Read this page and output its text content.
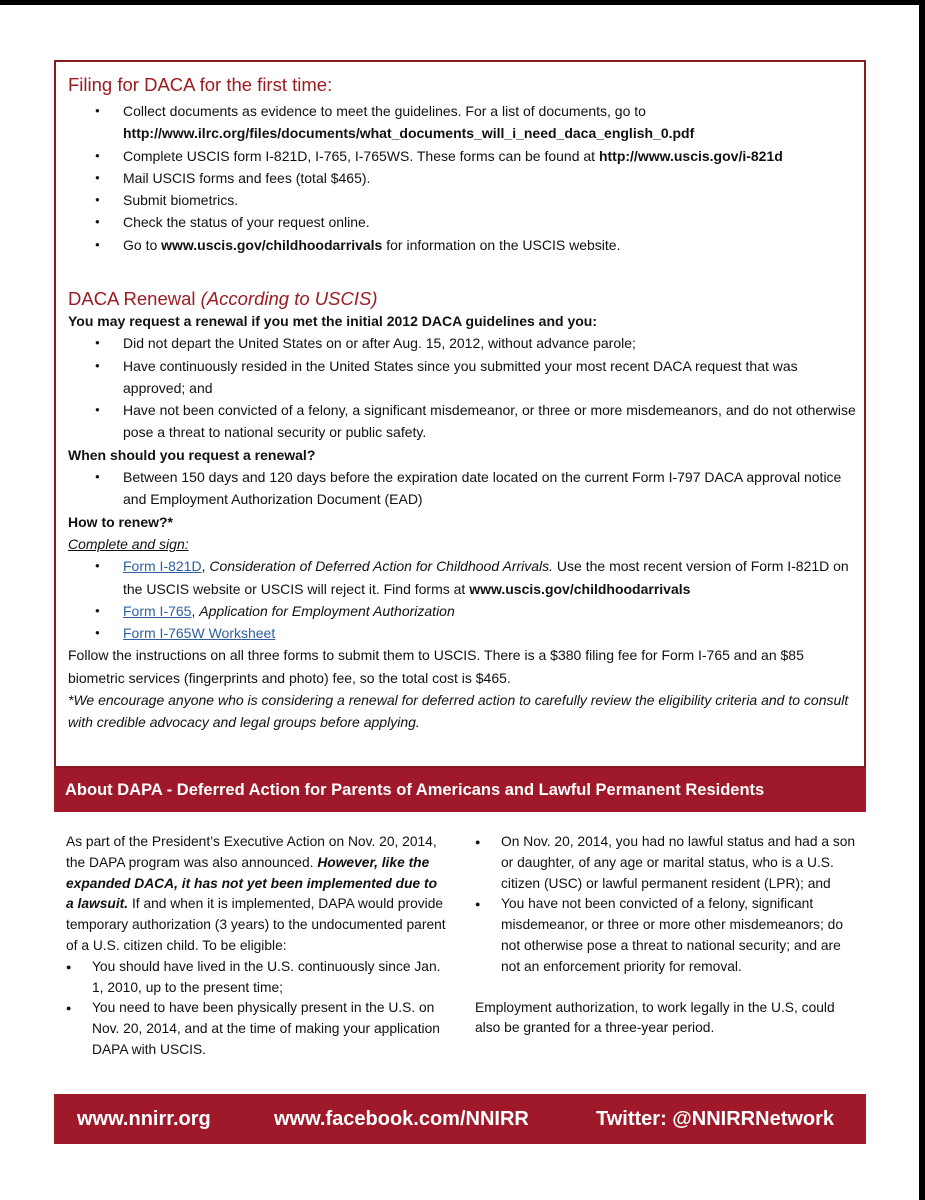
Filing for DACA for the first time:
● Collect documents as evidence to meet the guidelines. For a list of documents, go to http://www.ilrc.org/files/documents/what_documents_will_i_need_daca_english_0.pdf
● Complete USCIS form I-821D, I-765, I-765WS. These forms can be found at http://www.uscis.gov/i-821d
● Mail USCIS forms and fees (total $465).
● Submit biometrics.
● Check the status of your request online.
● Go to www.uscis.gov/childhoodarrivals for information on the USCIS website.
DACA Renewal (According to USCIS)

You may request a renewal if you met the initial 2012 DACA guidelines and you:

● Did not depart the United States on or after Aug. 15, 2012, without advance parole;
● Have continuously resided in the United States since you submitted your most recent DACA request that was approved; and
● Have not been convicted of a felony, a significant misdemeanor, or three or more misdemeanors, and do not otherwise pose a threat to national security or public safety.

When should you request a renewal?

● Between 150 days and 120 days before the expiration date located on the current Form I-797 DACA approval notice and Employment Authorization Document (EAD)

How to renew?*

Complete and sign:

● Form I-821D, Consideration of Deferred Action for Childhood Arrivals. Use the most recent version of Form I-821D on the USCIS website or USCIS will reject it. Find forms at www.uscis.gov/childhoodarrivals
● Form I-765, Application for Employment Authorization
● Form I-765W Worksheet

Follow the instructions on all three forms to submit them to USCIS. There is a $380 filing fee for Form I-765 and an $85 biometric services (fingerprints and photo) fee, so the total cost is $465.

*We encourage anyone who is considering a renewal for deferred action to carefully review the eligibility criteria and to consult with credible advocacy and legal groups before applying.

About DAPA - Deferred Action for Parents of Americans and Lawful Permanent Residents

As part of the President’s Executive Action on Nov. 20, 2014, the DAPA program was also announced. However, like the expanded DACA, it has not yet been implemented due to a lawsuit. If and when it is implemented, DAPA would provide temporary authorization (3 years) to the undocumented parent of a U.S. citizen child. To be eligible:

● You should have lived in the U.S. continuously since Jan. 1, 2010, up to the present time;
● You need to have been physically present in the U.S. on Nov. 20, 2014, and at the time of making your application DAPA with USCIS.
● On Nov. 20, 2014, you had no lawful status and had a son or daughter, of any age or marital status, who is a U.S. citizen (USC) or lawful permanent resident (LPR); and
● You have not been convicted of a felony, significant misdemeanor, or three or more other misdemeanors; do not otherwise pose a threat to national security; and are not an enforcement priority for removal.

Employment authorization, to work legally in the U.S, could also be granted for a three-year period.

www.nnirr.org	www.facebook.com/NNIRR	Twitter: @NNIRRNetwork
